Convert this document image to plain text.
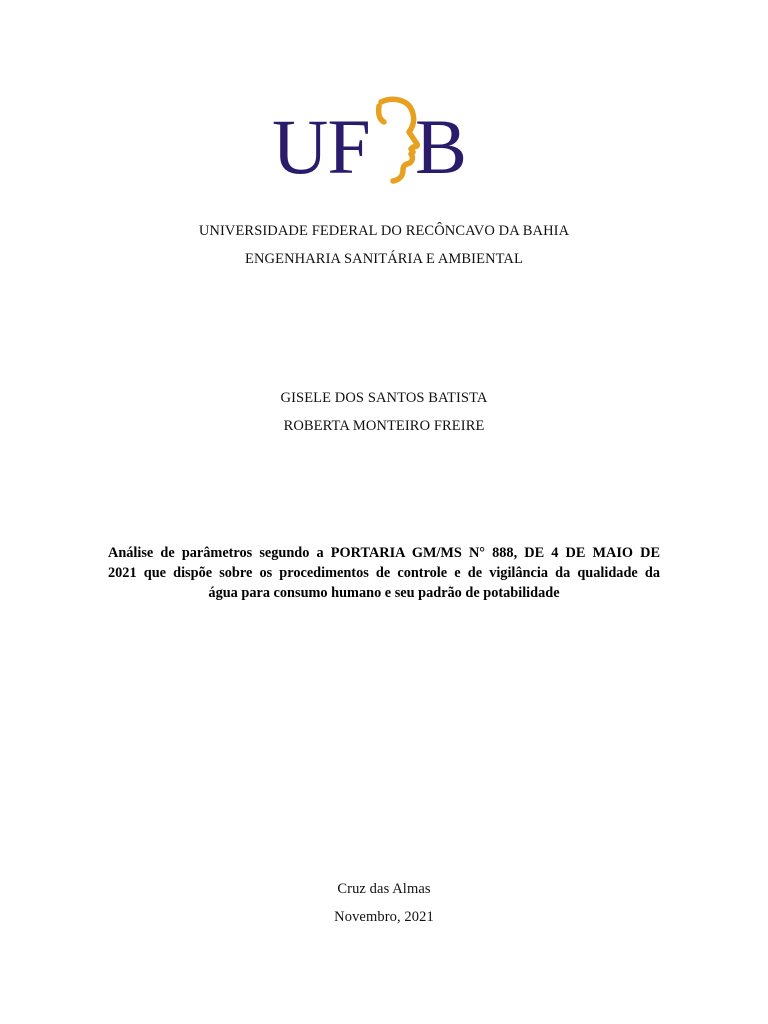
UF B
UNIVERSIDADE FEDERAL DO RECÔNCAVO DA BAHIA
ENGENHARIA SANITÁRIA E AMBIENTAL
GISELE DOS SANTOS BATISTA
ROBERTA MONTEIRO FREIRE
Análise de parâmetros segundo a PORTARIA GM/MS N° 888, DE 4 DE MAIO DE
2021 que dispõe sobre os procedimentos de controle e de vigilância da qualidade da
água para consumo humano e seu padrão de potabilidade
Cruz das Almas
Novembro, 2021
